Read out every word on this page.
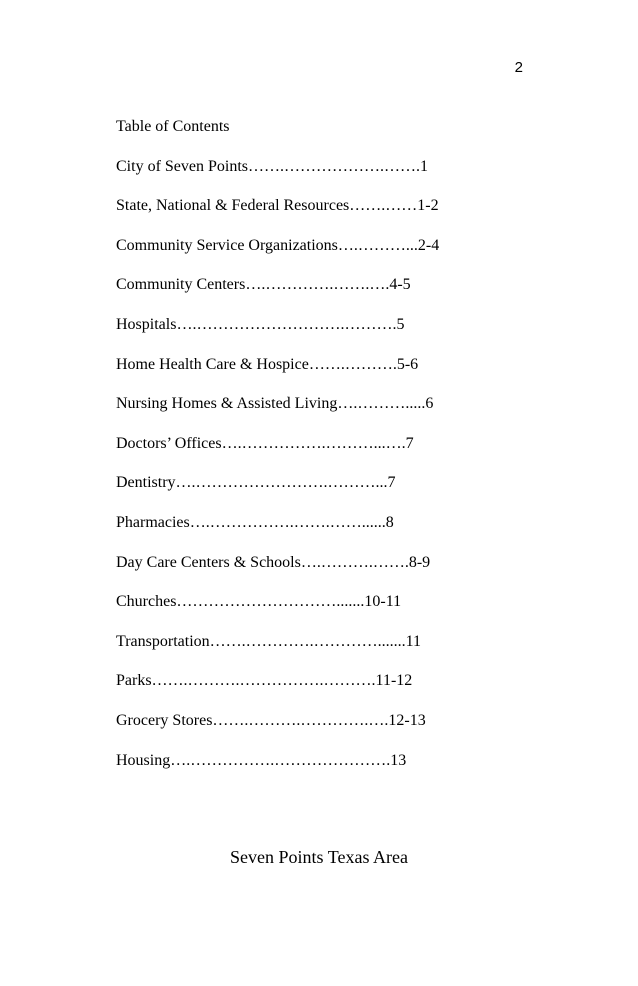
2
Table of Contents
City of Seven Points…….……………….…….1
State, National & Federal Resources…….……1-2
Community Service Organizations….………...2-4
Community Centers….………….…….….4-5
Hospitals….……………………….……….5
Home Health Care & Hospice…….……….5-6
Nursing Homes & Assisted Living….……….....6
Doctors’ Offices….…………….………...….7
Dentistry….…………………….………...7
Pharmacies….…………….…….……......8
Day Care Centers & Schools….……….…….8-9
Churches………………………….......10-11
Transportation…….………….………….......11
Parks…….……….…………….……….11-12
Grocery Stores…….……….………….….12-13
Housing….…………….………………….13
Seven Points Texas Area
